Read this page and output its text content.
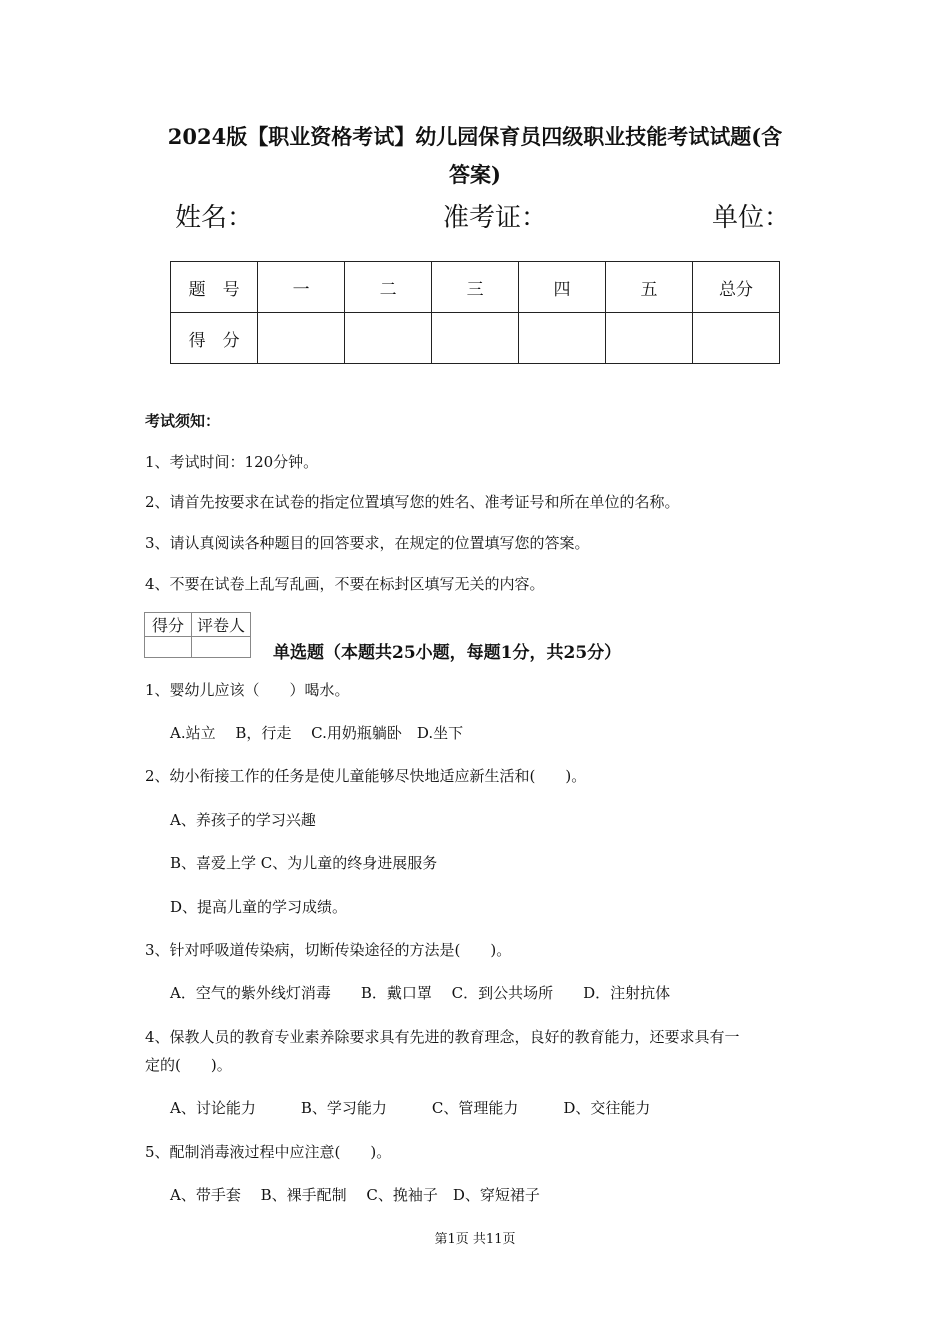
2024版【职业资格考试】幼儿园保育员四级职业技能考试试题(含
答案)
姓名：	准考证：	单位：
题　号	一	二	三	四	五	总分
得　分						
考试须知：
1、考试时间：120分钟。
2、请首先按要求在试卷的指定位置填写您的姓名、准考证号和所在单位的名称。
3、请认真阅读各种题目的回答要求，在规定的位置填写您的答案。
4、不要在试卷上乱写乱画，不要在标封区填写无关的内容。
得分	评卷人

单选题（本题共25小题，每题1分，共25分）
1、婴幼儿应该（　　）喝水。
A.站立　 B，行走　 C.用奶瓶躺卧　D.坐下
2、幼小衔接工作的任务是使儿童能够尽快地适应新生活和(　　)。
A、养孩子的学习兴趣
B、喜爱上学 C、为儿童的终身进展服务
D、提高儿童的学习成绩。
3、针对呼吸道传染病，切断传染途径的方法是(　　)。
A．空气的紫外线灯消毒　　B．戴口罩　 C．到公共场所　　D．注射抗体
4、保教人员的教育专业素养除要求具有先进的教育理念，良好的教育能力，还要求具有一
定的(　　)。
A、讨论能力　　　B、学习能力　　　C、管理能力　　　D、交往能力
5、配制消毒液过程中应注意(　　)。
A、带手套　 B、裸手配制　 C、挽袖子　D、穿短裙子
第1页 共11页
